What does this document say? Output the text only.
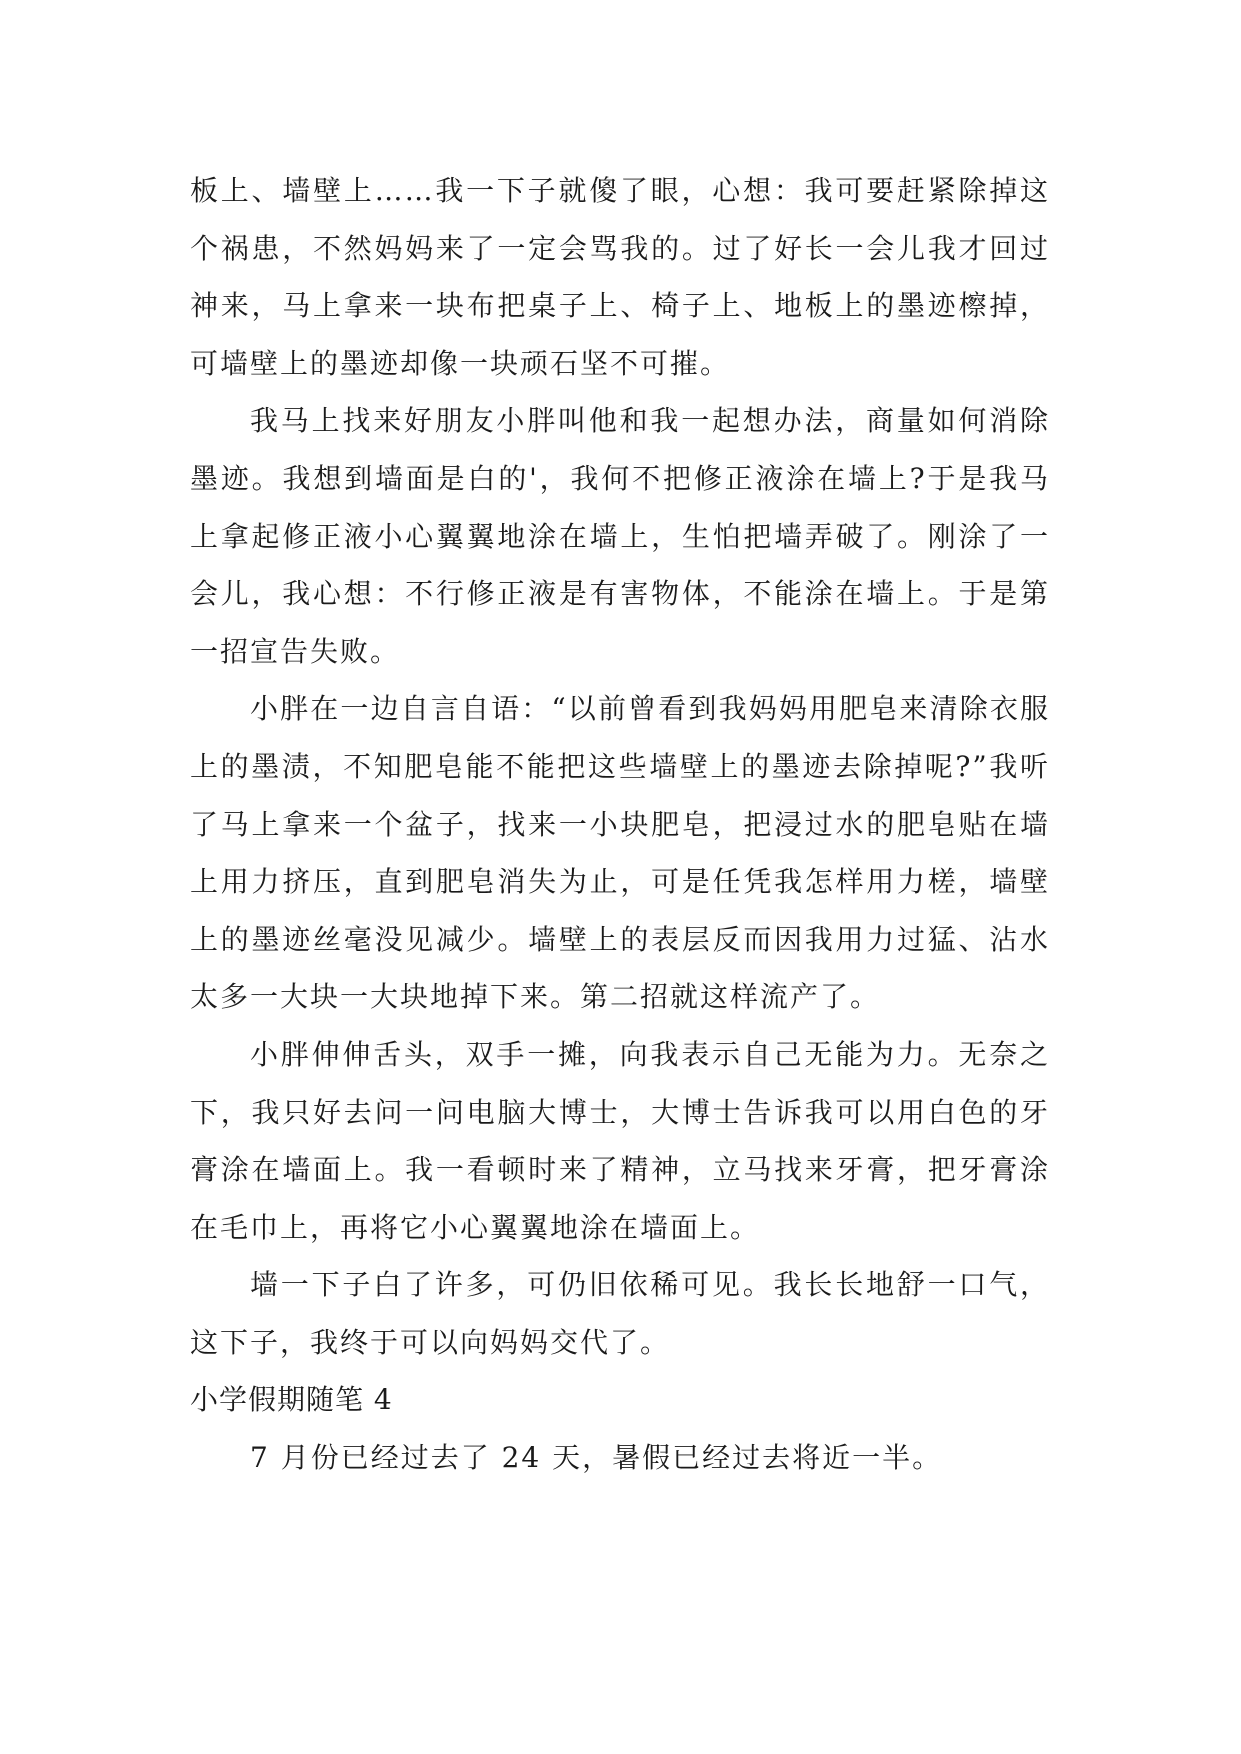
板上、墙壁上……我一下子就傻了眼，心想：我可要赶紧除掉这个祸患，不然妈妈来了一定会骂我的。过了好长一会儿我才回过神来，马上拿来一块布把桌子上、椅子上、地板上的墨迹檫掉，可墙壁上的墨迹却像一块顽石坚不可摧。

我马上找来好朋友小胖叫他和我一起想办法，商量如何消除墨迹。我想到墙面是白的'，我何不把修正液涂在墙上?于是我马上拿起修正液小心翼翼地涂在墙上，生怕把墙弄破了。刚涂了一会儿，我心想：不行修正液是有害物体，不能涂在墙上。于是第一招宣告失败。

小胖在一边自言自语：“以前曾看到我妈妈用肥皂来清除衣服上的墨渍，不知肥皂能不能把这些墙壁上的墨迹去除掉呢?”我听了马上拿来一个盆子，找来一小块肥皂，把浸过水的肥皂贴在墙上用力挤压，直到肥皂消失为止，可是任凭我怎样用力槎，墙壁上的墨迹丝毫没见减少。墙壁上的表层反而因我用力过猛、沾水太多一大块一大块地掉下来。第二招就这样流产了。

小胖伸伸舌头，双手一摊，向我表示自己无能为力。无奈之下，我只好去问一问电脑大博士，大博士告诉我可以用白色的牙膏涂在墙面上。我一看顿时来了精神，立马找来牙膏，把牙膏涂在毛巾上，再将它小心翼翼地涂在墙面上。

墙一下子白了许多，可仍旧依稀可见。我长长地舒一口气，这下子，我终于可以向妈妈交代了。

小学假期随笔 4

7 月份已经过去了 24 天，暑假已经过去将近一半。
